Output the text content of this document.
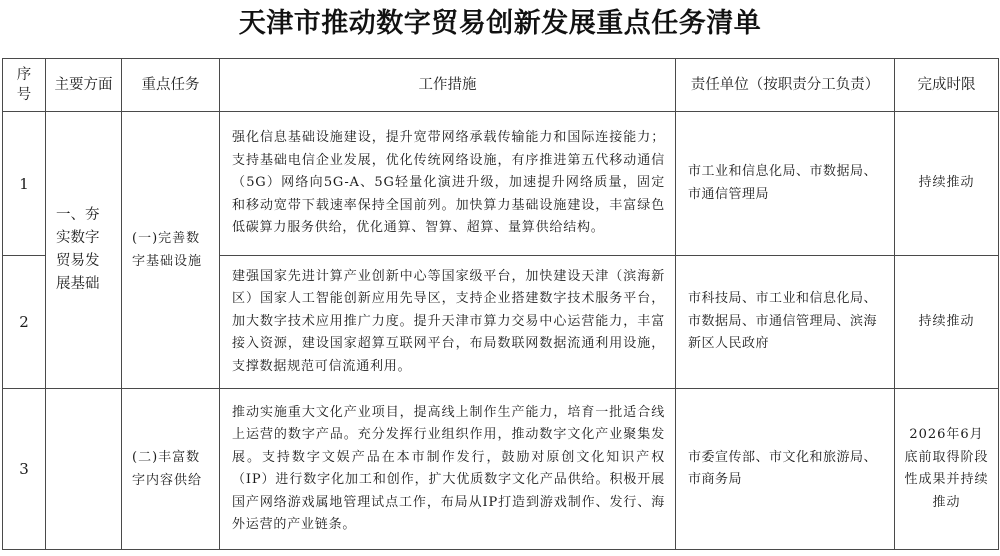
天津市推动数字贸易创新发展重点任务清单
序号	主要方面	重点任务	工作措施	责任单位（按职责分工负责）	完成时限
1	一、夯实数字贸易发展基础	(一)完善数字基础设施	强化信息基础设施建设，提升宽带网络承载传输能力和国际连接能力；支持基础电信企业发展，优化传统网络设施，有序推进第五代移动通信（5G）网络向5G-A、5G轻量化演进升级，加速提升网络质量，固定和移动宽带下载速率保持全国前列。加快算力基础设施建设，丰富绿色低碳算力服务供给，优化通算、智算、超算、量算供给结构。	市工业和信息化局、市数据局、市通信管理局	持续推动
2			建强国家先进计算产业创新中心等国家级平台，加快建设天津（滨海新区）国家人工智能创新应用先导区，支持企业搭建数字技术服务平台，加大数字技术应用推广力度。提升天津市算力交易中心运营能力，丰富接入资源，建设国家超算互联网平台，布局数联网数据流通利用设施，支撑数据规范可信流通利用。	市科技局、市工业和信息化局、市数据局、市通信管理局、滨海新区人民政府	持续推动
3		(二)丰富数字内容供给	推动实施重大文化产业项目，提高线上制作生产能力，培育一批适合线上运营的数字产品。充分发挥行业组织作用，推动数字文化产业聚集发展。支持数字文娱产品在本市制作发行，鼓励对原创文化知识产权（IP）进行数字化加工和创作，扩大优质数字文化产品供给。积极开展国产网络游戏属地管理试点工作，布局从IP打造到游戏制作、发行、海外运营的产业链条。	市委宣传部、市文化和旅游局、市商务局	2026年6月底前取得阶段性成果并持续推动
